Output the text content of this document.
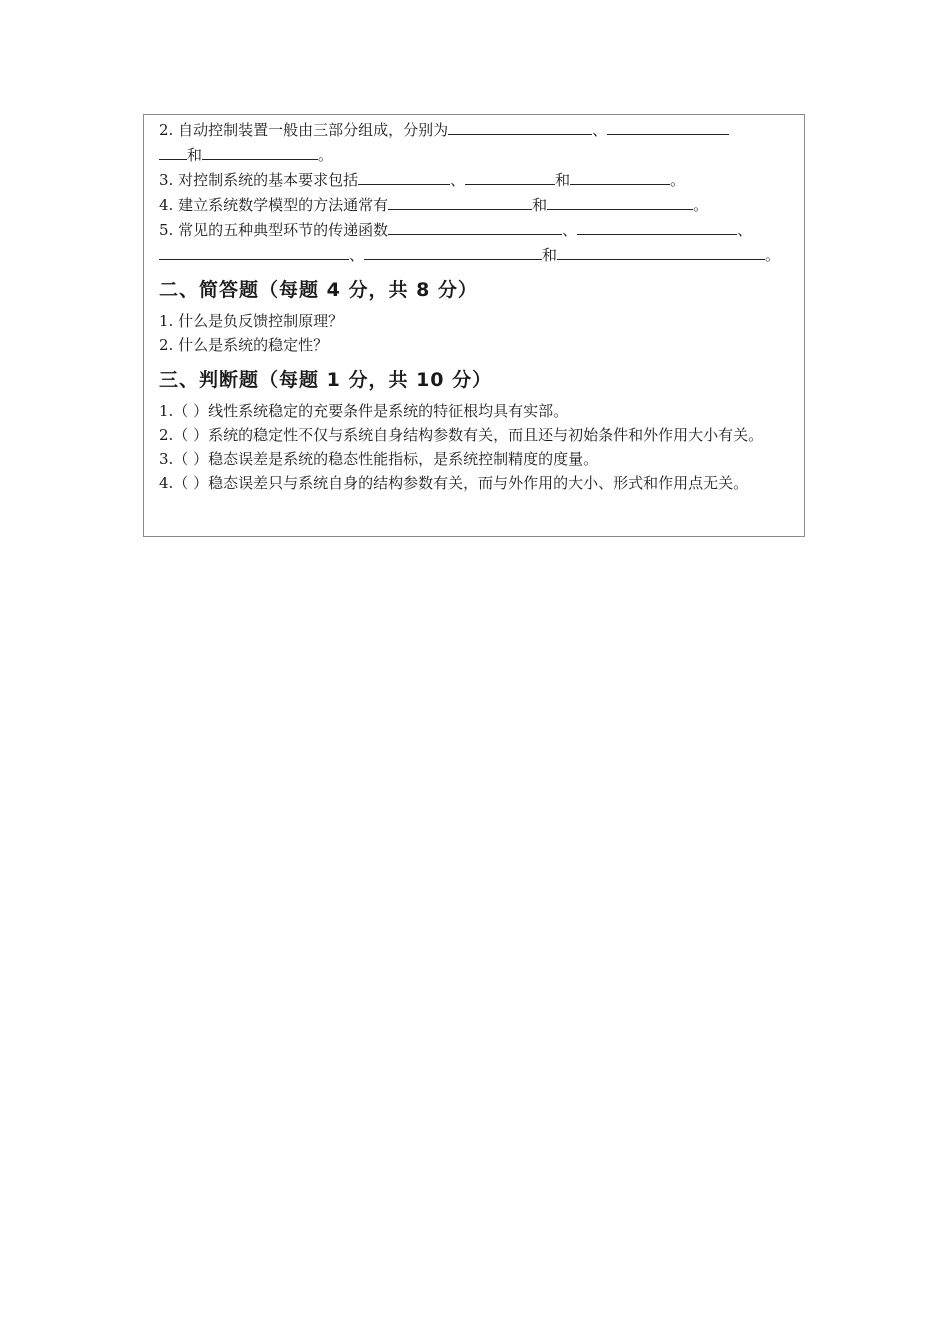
2. 自动控制装置一般由三部分组成，分别为	、

和	。

3. 对控制系统的基本要求包括	、	和	。

4. 建立系统数学模型的方法通常有	和	。

5. 常见的五种典型环节的传递函数	、	、

、	和	。

二、简答题（每题 4 分，共 8 分）

1. 什么是负反馈控制原理？

2. 什么是系统的稳定性？

三、判断题（每题 1 分，共 10 分）

1.（ ）线性系统稳定的充要条件是系统的特征根均具有实部。

2.（ ）系统的稳定性不仅与系统自身结构参数有关，而且还与初始条件和外作用大小有关。

3.（ ）稳态误差是系统的稳态性能指标，是系统控制精度的度量。

4.（ ）稳态误差只与系统自身的结构参数有关，而与外作用的大小、形式和作用点无关。
